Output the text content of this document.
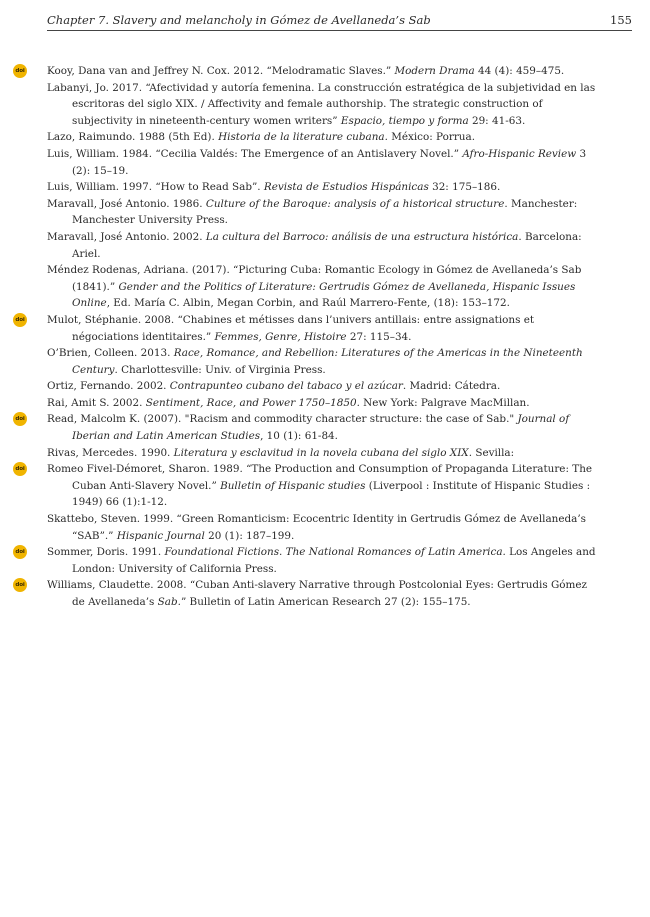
Chapter 7. Slavery and melancholy in Gómez de Avellaneda’s Sab	155

doi Kooy, Dana van and Jeffrey N. Cox. 2012. “Melodramatic Slaves.” Modern Drama 44 (4): 459–475.

Labanyi, Jo. 2017. “Afectividad y autoría femenina. La construcción estratégica de la subjetividad en las escritoras del siglo XIX. / Affectivity and female authorship. The strategic construction of subjectivity in nineteenth-century women writers” Espacio, tiempo y forma 29: 41-63.

Lazo, Raimundo. 1988 (5th Ed). Historia de la literature cubana. México: Porrua.

Luis, William. 1984. “Cecilia Valdés: The Emergence of an Antislavery Novel.” Afro-Hispanic Review 3 (2): 15–19.

Luis, William. 1997. “How to Read Sab”. Revista de Estudios Hispánicas 32: 175–186.

Maravall, José Antonio. 1986. Culture of the Baroque: analysis of a historical structure. Manchester: Manchester University Press.

Maravall, José Antonio. 2002. La cultura del Barroco: análisis de una estructura histórica. Barcelona: Ariel.

Méndez Rodenas, Adriana. (2017). “Picturing Cuba: Romantic Ecology in Gómez de Avellaneda’s Sab (1841).” Gender and the Politics of Literature: Gertrudis Gómez de Avellaneda, Hispanic Issues Online, Ed. María C. Albin, Megan Corbin, and Raúl Marrero-Fente, (18): 153–172.

doi Mulot, Stéphanie. 2008. “Chabines et métisses dans l’univers antillais: entre assignations et négociations identitaires.” Femmes, Genre, Histoire 27: 115–34.

O’Brien, Colleen. 2013. Race, Romance, and Rebellion: Literatures of the Americas in the Nineteenth Century. Charlottesville: Univ. of Virginia Press.

Ortiz, Fernando. 2002. Contrapunteo cubano del tabaco y el azúcar. Madrid: Cátedra.

Rai, Amit S. 2002. Sentiment, Race, and Power 1750–1850. New York: Palgrave MacMillan.

doi Read, Malcolm K. (2007). "Racism and commodity character structure: the case of Sab." Journal of Iberian and Latin American Studies, 10 (1): 61-84.

Rivas, Mercedes. 1990. Literatura y esclavitud in la novela cubana del siglo XIX. Sevilla:

doi Romeo Fivel-Démoret, Sharon. 1989. “The Production and Consumption of Propaganda Literature: The Cuban Anti-Slavery Novel.” Bulletin of Hispanic studies (Liverpool : Institute of Hispanic Studies : 1949) 66 (1):1-12.

Skattebo, Steven. 1999. “Green Romanticism: Ecocentric Identity in Gertrudis Gómez de Avellaneda’s “SAB”.” Hispanic Journal 20 (1): 187–199.

doi Sommer, Doris. 1991. Foundational Fictions. The National Romances of Latin America. Los Angeles and London: University of California Press.

doi Williams, Claudette. 2008. “Cuban Anti-slavery Narrative through Postcolonial Eyes: Gertrudis Gómez de Avellaneda’s Sab.” Bulletin of Latin American Research 27 (2): 155–175.
